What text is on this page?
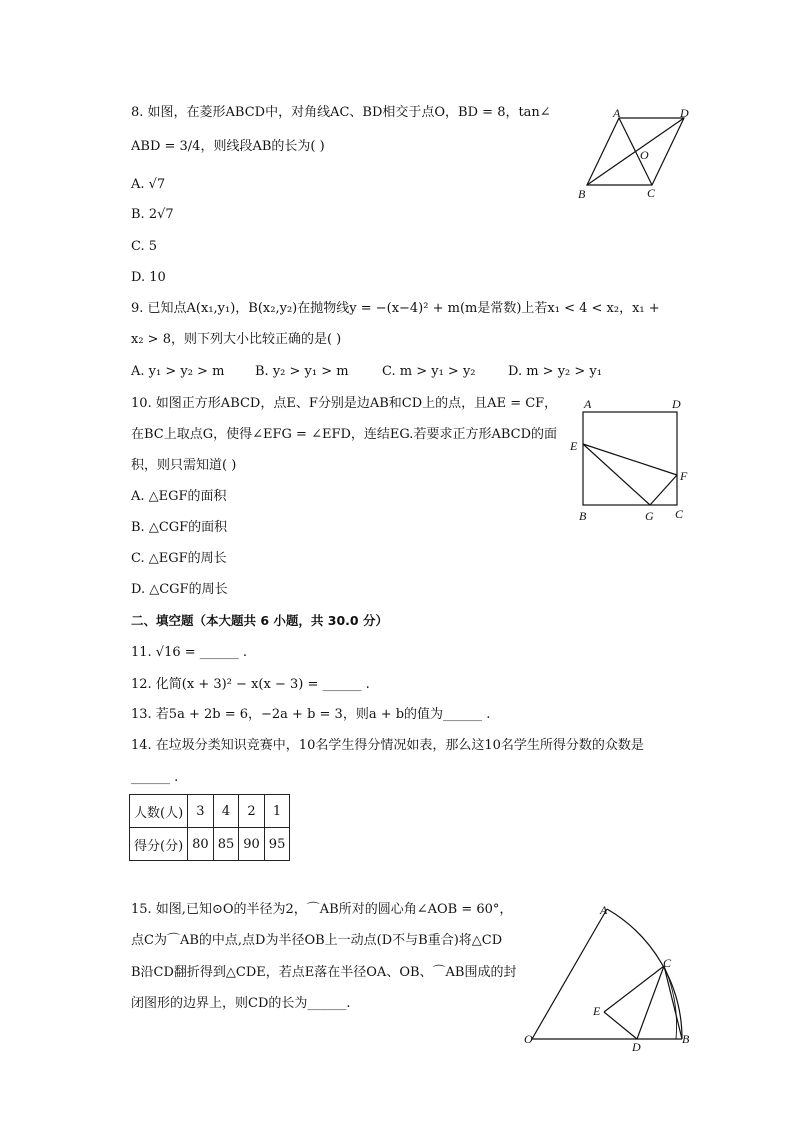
8. 如图，在菱形ABCD中，对角线AC、BD相交于点O，BD = 8，tan∠
ABD = 3/4，则线段AB的长为( )
A. √7
B. 2√7
C. 5
D. 10
9. 已知点A(x₁,y₁)，B(x₂,y₂)在抛物线y = −(x−4)² + m(m是常数)上若x₁ < 4 < x₂，x₁ +
x₂ > 8，则下列大小比较正确的是( )
A. y₁ > y₂ > m B. y₂ > y₁ > m	C. m > y₁ > y₂ D. m > y₂ > y₁
10. 如图正方形ABCD，点E、F分别是边AB和CD上的点，且AE = CF，
在BC上取点G，使得∠EFG = ∠EFD，连结EG.若要求正方形ABCD的面
积，则只需知道( )
A. △EGF的面积
B. △CGF的面积
C. △EGF的周长
D. △CGF的周长
二、填空题（本大题共 6 小题，共 30.0 分）
11. √16 = ______ .
12. 化简(x + 3)² − x(x − 3) = ______ .
13. 若5a + 2b = 6，−2a + b = 3，则a + b的值为______ .
14. 在垃圾分类知识竞赛中，10名学生得分情况如表，那么这10名学生所得分数的众数是
______ .
人数(人)	3	4	2	1
得分(分)	80	85	90	95
15. 如图,已知⊙O的半径为2，⌒AB所对的圆心角∠AOB = 60°，
点C为⌒AB的中点,点D为半径OB上一动点(D不与B重合)将△CD
B沿CD翻折得到△CDE，若点E落在半径OA、OB、⌒AB围成的封
闭图形的边界上，则CD的长为______.
A	D
B	C
O
A	D
E
F
B	G C
A
C
E
O
D
B
